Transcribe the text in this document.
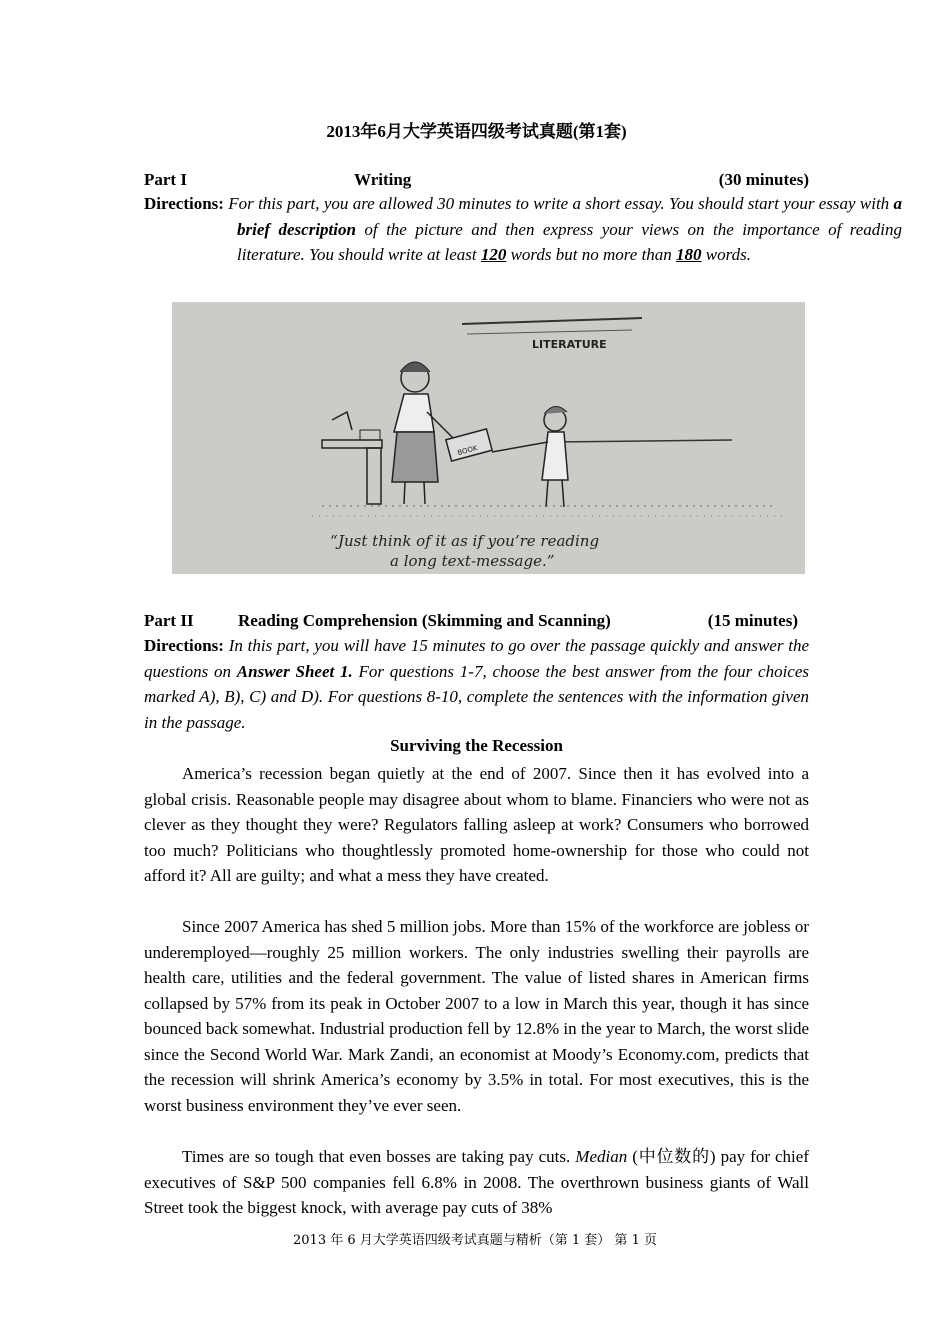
2013年6月大学英语四级考试真题(第1套)
Part I	Writing	(30 minutes)

Directions: For this part, you are allowed 30 minutes to write a short essay. You should start your essay with a brief description of the picture and then express your views on the importance of reading literature. You should write at least 120 words but no more than 180 words.

LITERATURE
BOOK
“Just think of it as if you’re reading
a long text-message.”
Part II	Reading Comprehension (Skimming and Scanning)	(15 minutes)

Directions: In this part, you will have 15 minutes to go over the passage quickly and answer the questions on Answer Sheet 1. For questions 1-7, choose the best answer from the four choices marked A), B), C) and D). For questions 8-10, complete the sentences with the information given in the passage.

Surviving the Recession

America’s recession began quietly at the end of 2007. Since then it has evolved into a global crisis. Reasonable people may disagree about whom to blame. Financiers who were not as clever as they thought they were? Regulators falling asleep at work? Consumers who borrowed too much? Politicians who thoughtlessly promoted home-ownership for those who could not afford it? All are guilty; and what a mess they have created.

Since 2007 America has shed 5 million jobs. More than 15% of the workforce are jobless or underemployed—roughly 25 million workers. The only industries swelling their payrolls are health care, utilities and the federal government. The value of listed shares in American firms collapsed by 57% from its peak in October 2007 to a low in March this year, though it has since bounced back somewhat. Industrial production fell by 12.8% in the year to March, the worst slide since the Second World War. Mark Zandi, an economist at Moody’s Economy.com, predicts that the recession will shrink America’s economy by 3.5% in total. For most executives, this is the worst business environment they’ve ever seen.

Times are so tough that even bosses are taking pay cuts. Median (中位数的) pay for chief executives of S&P 500 companies fell 6.8% in 2008. The overthrown business giants of Wall Street took the biggest knock, with average pay cuts of 38%

2013 年 6 月大学英语四级考试真题与精析（第 1 套） 第 1 页
